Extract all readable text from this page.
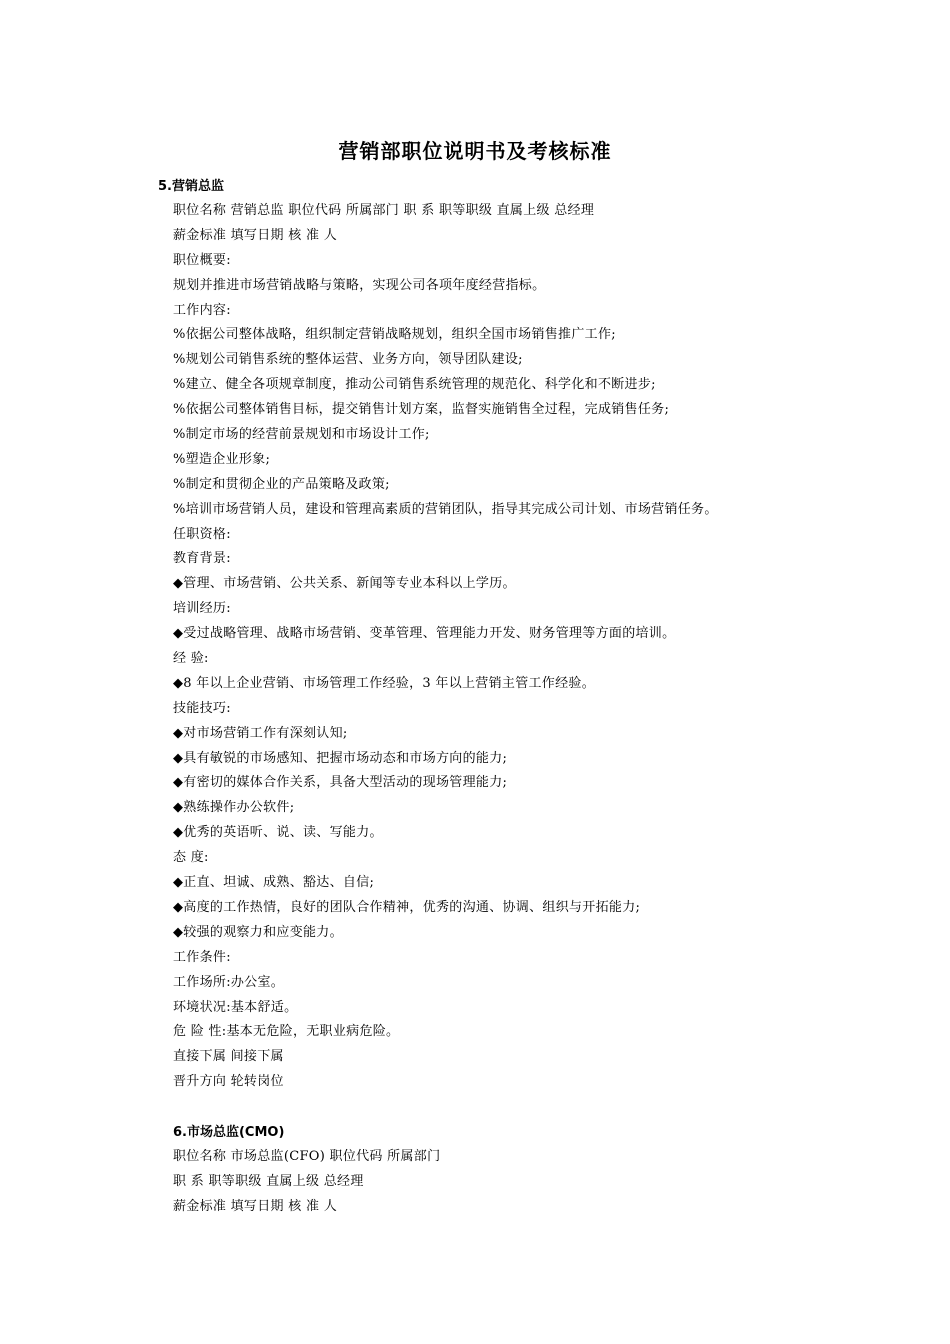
营销部职位说明书及考核标准
5.营销总监
职位名称 营销总监 职位代码 所属部门 职 系 职等职级 直属上级 总经理
薪金标准 填写日期 核 准 人
职位概要:
规划并推进市场营销战略与策略，实现公司各项年度经营指标。
工作内容:
%依据公司整体战略，组织制定营销战略规划，组织全国市场销售推广工作;
%规划公司销售系统的整体运营、业务方向，领导团队建设;
%建立、健全各项规章制度，推动公司销售系统管理的规范化、科学化和不断进步;
%依据公司整体销售目标，提交销售计划方案，监督实施销售全过程，完成销售任务;
%制定市场的经营前景规划和市场设计工作;
%塑造企业形象;
%制定和贯彻企业的产品策略及政策;
%培训市场营销人员，建设和管理高素质的营销团队，指导其完成公司计划、市场营销任务。
任职资格:
教育背景:
◆管理、市场营销、公共关系、新闻等专业本科以上学历。
培训经历:
◆受过战略管理、战略市场营销、变革管理、管理能力开发、财务管理等方面的培训。
经 验:
◆8 年以上企业营销、市场管理工作经验，3 年以上营销主管工作经验。
技能技巧:
◆对市场营销工作有深刻认知;
◆具有敏锐的市场感知、把握市场动态和市场方向的能力;
◆有密切的媒体合作关系，具备大型活动的现场管理能力;
◆熟练操作办公软件;
◆优秀的英语听、说、读、写能力。
态 度:
◆正直、坦诚、成熟、豁达、自信;
◆高度的工作热情，良好的团队合作精神，优秀的沟通、协调、组织与开拓能力;
◆较强的观察力和应变能力。
工作条件:
工作场所:办公室。
环境状况:基本舒适。
危 险 性:基本无危险，无职业病危险。
直接下属 间接下属
晋升方向 轮转岗位
6.市场总监(CMO)
职位名称 市场总监(CFO) 职位代码 所属部门
职 系 职等职级 直属上级 总经理
薪金标准 填写日期 核 准 人
